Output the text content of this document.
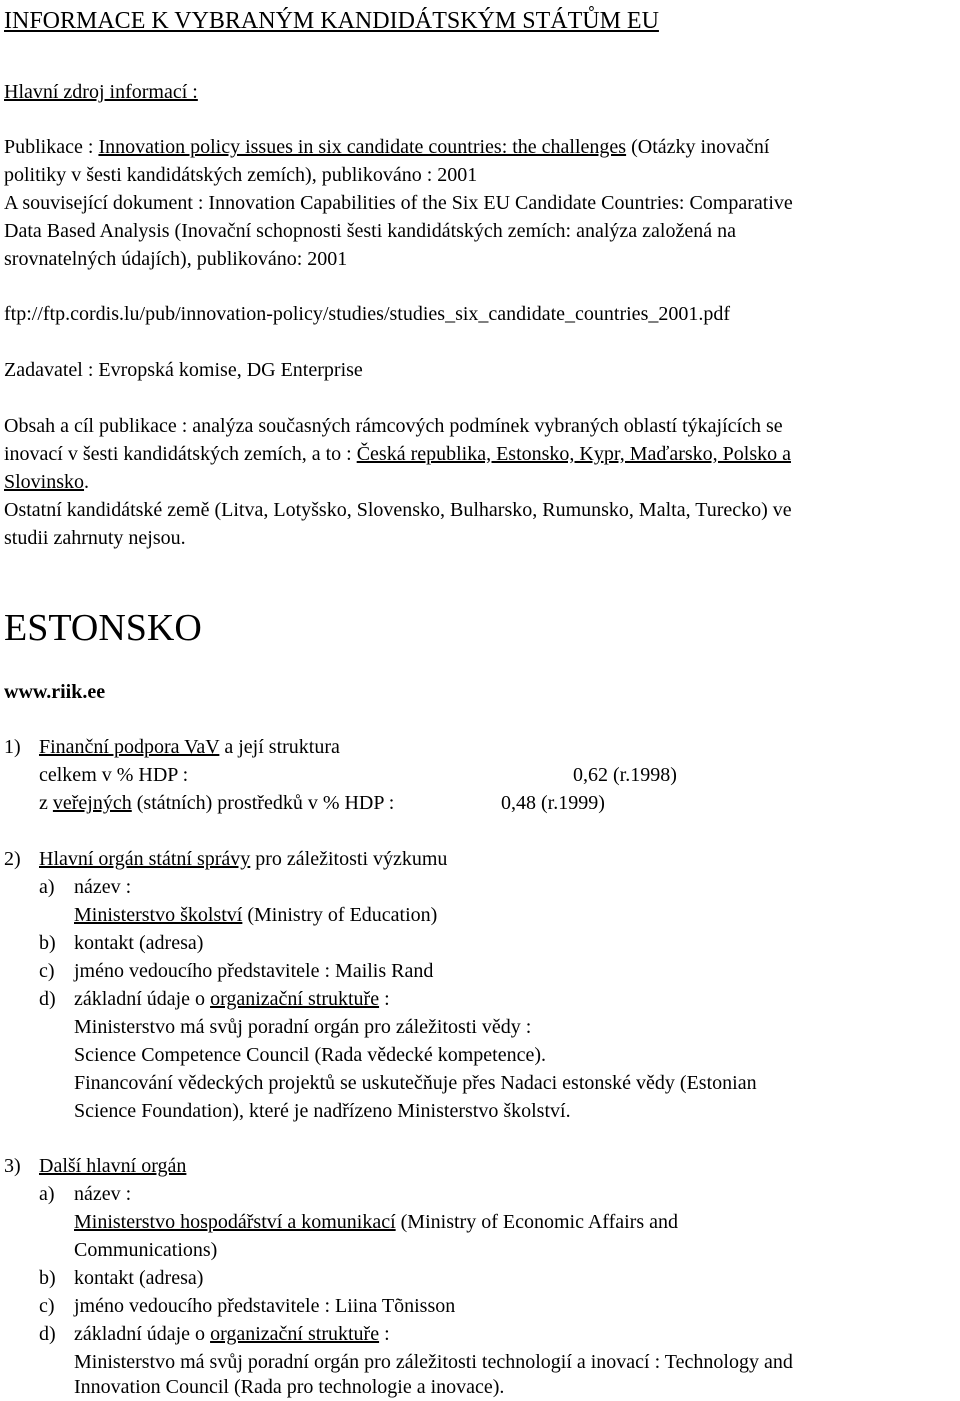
INFORMACE K VYBRANÝM KANDIDÁTSKÝM STÁTŮM EU
Hlavní zdroj informací :
Publikace : Innovation policy issues in six candidate countries: the challenges (Otázky inovační
politiky v šesti kandidátských zemích), publikováno : 2001
A související dokument : Innovation Capabilities of the Six EU Candidate Countries: Comparative
Data Based Analysis (Inovační schopnosti šesti kandidátských zemích: analýza založená na
srovnatelných údajích), publikováno: 2001
ftp://ftp.cordis.lu/pub/innovation-policy/studies/studies_six_candidate_countries_2001.pdf
Zadavatel : Evropská komise, DG Enterprise
Obsah a cíl publikace : analýza současných rámcových podmínek vybraných oblastí týkajících se
inovací v šesti kandidátských zemích, a to : Česká republika, Estonsko, Kypr, Maďarsko, Polsko a
Slovinsko.
Ostatní kandidátské země (Litva, Lotyšsko, Slovensko, Bulharsko, Rumunsko, Malta, Turecko) ve
studii zahrnuty nejsou.
ESTONSKO
www.riik.ee
1) Finanční podpora VaV a její struktura
celkem v % HDP :	0,62 (r.1998)
z veřejných (státních) prostředků v % HDP :	0,48 (r.1999)
2) Hlavní orgán státní správy pro záležitosti výzkumu
a) název :
Ministerstvo školství (Ministry of Education)
b) kontakt (adresa)
c) jméno vedoucího představitele : Mailis Rand
d) základní údaje o organizační struktuře :
Ministerstvo má svůj poradní orgán pro záležitosti vědy :
Science Competence Council (Rada vědecké kompetence).
Financování vědeckých projektů se uskutečňuje přes Nadaci estonské vědy (Estonian
Science Foundation), které je nadřízeno Ministerstvo školství.
3) Další hlavní orgán
a) název :
Ministerstvo hospodářství a komunikací (Ministry of Economic Affairs and
Communications)
b) kontakt (adresa)
c) jméno vedoucího představitele : Liina Tõnisson
d) základní údaje o organizační struktuře :
Ministerstvo má svůj poradní orgán pro záležitosti technologií a inovací : Technology and
Innovation Council (Rada pro technologie a inovace).
